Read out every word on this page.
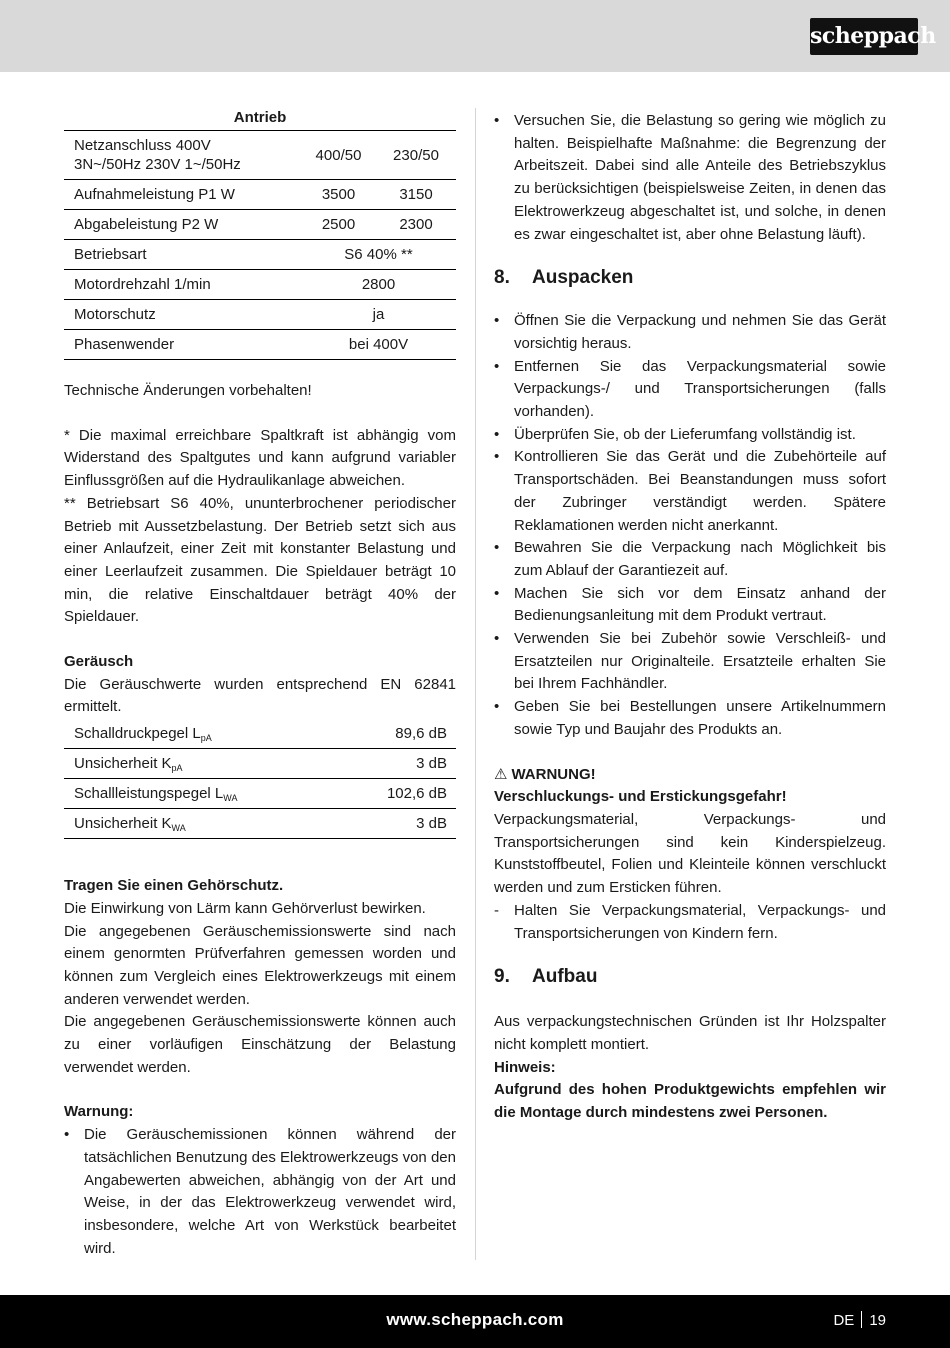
scheppach
Antrieb
Netzanschluss 400V 3N~/50Hz 230V 1~/50Hz	400/50	230/50
Aufnahmeleistung P1 W	3500	3150
Abgabeleistung P2 W	2500	2300
Betriebsart	S6 40% **	
Motordrehzahl 1/min	2800	
Motorschutz	ja	
Phasenwender	bei 400V	

Technische Änderungen vorbehalten!

* Die maximal erreichbare Spaltkraft ist abhängig vom Widerstand des Spaltgutes und kann aufgrund variabler Einflussgrößen auf die Hydraulikanlage abweichen.

** Betriebsart S6 40%, ununterbrochener periodischer Betrieb mit Aussetzbelastung. Der Betrieb setzt sich aus einer Anlaufzeit, einer Zeit mit konstanter Belastung und einer Leerlaufzeit zusammen. Die Spieldauer beträgt 10 min, die relative Einschaltdauer beträgt 40% der Spieldauer.

Geräusch

Die Geräuschwerte wurden entsprechend EN 62841 ermittelt.

Schalldruckpegel $L_{pA}$	89,6 dB
Unsicherheit $K_{pA}$	3 dB
Schallleistungspegel $L_{WA}$	102,6 dB
Unsicherheit $K_{WA}$	3 dB

Tragen Sie einen Gehörschutz.

Die Einwirkung von Lärm kann Gehörverlust bewirken.

Die angegebenen Geräuschemissionswerte sind nach einem genormten Prüfverfahren gemessen worden und können zum Vergleich eines Elektrowerkzeugs mit einem anderen verwendet werden.

Die angegebenen Geräuschemissionswerte können auch zu einer vorläufigen Einschätzung der Belastung verwendet werden.

Warnung:

• Die Geräuschemissionen können während der tatsächlichen Benutzung des Elektrowerkzeugs von den Angabewerten abweichen, abhängig von der Art und Weise, in der das Elektrowerkzeug verwendet wird, insbesondere, welche Art von Werkstück bearbeitet wird.
• Versuchen Sie, die Belastung so gering wie möglich zu halten. Beispielhafte Maßnahme: die Begrenzung der Arbeitszeit. Dabei sind alle Anteile des Betriebszyklus zu berücksichtigen (beispielsweise Zeiten, in denen das Elektrowerkzeug abgeschaltet ist, und solche, in denen es zwar eingeschaltet ist, aber ohne Belastung läuft).
8. Auspacken
• Öffnen Sie die Verpackung und nehmen Sie das Gerät vorsichtig heraus.
• Entfernen Sie das Verpackungsmaterial sowie Verpackungs-/ und Transportsicherungen (falls vorhanden).
• Überprüfen Sie, ob der Lieferumfang vollständig ist.
• Kontrollieren Sie das Gerät und die Zubehörteile auf Transportschäden. Bei Beanstandungen muss sofort der Zubringer verständigt werden. Spätere Reklamationen werden nicht anerkannt.
• Bewahren Sie die Verpackung nach Möglichkeit bis zum Ablauf der Garantiezeit auf.
• Machen Sie sich vor dem Einsatz anhand der Bedienungsanleitung mit dem Produkt vertraut.
• Verwenden Sie bei Zubehör sowie Verschleiß- und Ersatzteilen nur Originalteile. Ersatzteile erhalten Sie bei Ihrem Fachhändler.
• Geben Sie bei Bestellungen unsere Artikelnummern sowie Typ und Baujahr des Produkts an.

⚠ WARNUNG!

Verschluckungs- und Erstickungsgefahr!

Verpackungsmaterial, Verpackungs- und Transportsicherungen sind kein Kinderspielzeug. Kunststoffbeutel, Folien und Kleinteile können verschluckt werden und zum Ersticken führen.

- Halten Sie Verpackungsmaterial, Verpackungs- und Transportsicherungen von Kindern fern.
9. Aufbau

Aus verpackungstechnischen Gründen ist Ihr Holzspalter nicht komplett montiert.

Hinweis:

Aufgrund des hohen Produktgewichts empfehlen wir die Montage durch mindestens zwei Personen.

www.scheppach.com	DE 19
